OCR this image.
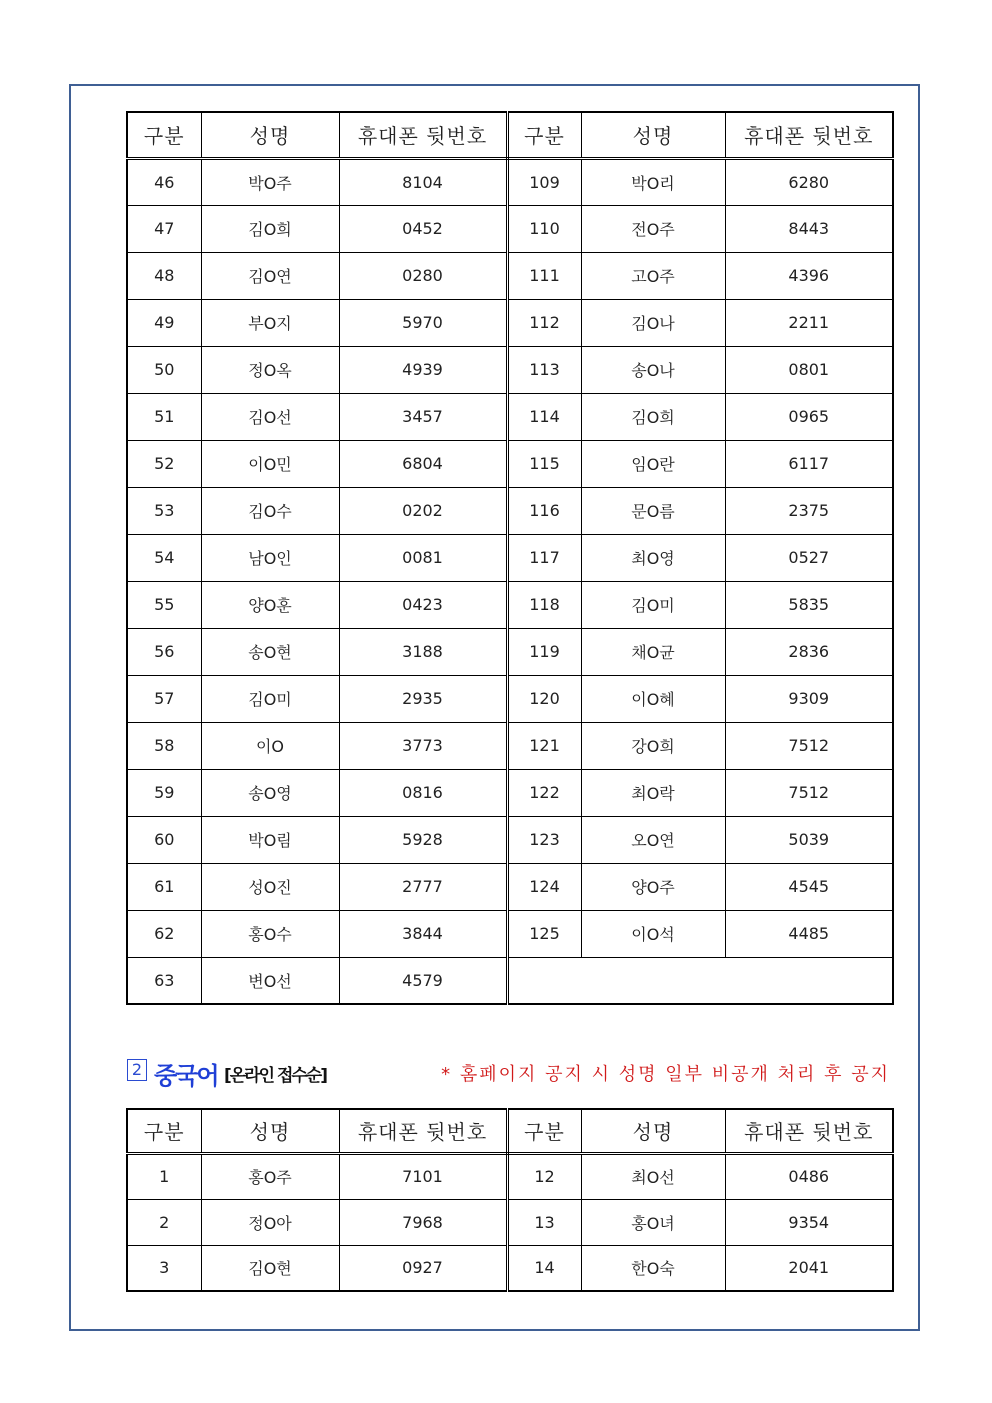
구분	성명	휴대폰 뒷번호	구분	성명	휴대폰 뒷번호
46	박O주	8104	109	박O리	6280
47	김O희	0452	110	전O주	8443
48	김O연	0280	111	고O주	4396
49	부O지	5970	112	김O나	2211
50	정O옥	4939	113	송O나	0801
51	김O선	3457	114	김O희	0965
52	이O민	6804	115	임O란	6117
53	김O수	0202	116	문O름	2375
54	남O인	0081	117	최O영	0527
55	양O훈	0423	118	김O미	5835
56	송O현	3188	119	채O균	2836
57	김O미	2935	120	이O혜	9309
58	이O	3773	121	강O희	7512
59	송O영	0816	122	최O락	7512
60	박O림	5928	123	오O연	5039
61	성O진	2777	124	양O주	4545
62	홍O수	3844	125	이O석	4485
63	변O선	4579			
2 중국어 [온라인 접수순]	* 홈페이지 공지 시 성명 일부 비공개 처리 후 공지
구분	성명	휴대폰 뒷번호	구분	성명	휴대폰 뒷번호
1	홍O주	7101	12	최O선	0486
2	정O아	7968	13	홍O녀	9354
3	김O현	0927	14	한O숙	2041
